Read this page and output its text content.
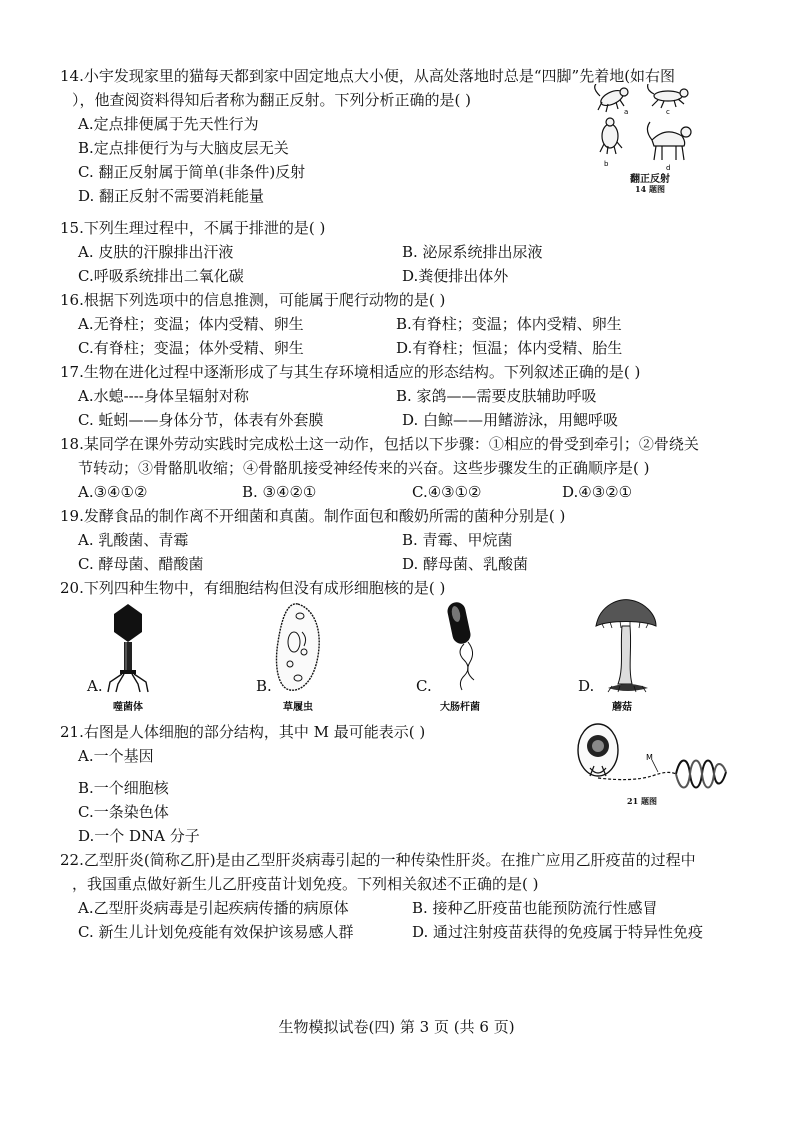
14.小宇发现家里的猫每天都到家中固定地点大小便，从高处落地时总是“四脚”先着地(如右图
），他查阅资料得知后者称为翻正反射。下列分析正确的是( )
A.定点排便属于先天性行为
B.定点排便行为与大脑皮层无关
C. 翻正反射属于简单(非条件)反射
D. 翻正反射不需要消耗能量
a	c
b	d
翻正反射
14 题图
15.下列生理过程中，不属于排泄的是( )
A. 皮肤的汗腺排出汗液	B. 泌尿系统排出尿液
C.呼吸系统排出二氧化碳	D.粪便排出体外
16.根据下列选项中的信息推测，可能属于爬行动物的是( )
A.无脊柱；变温；体内受精、卵生	B.有脊柱；变温；体内受精、卵生
C.有脊柱；变温；体外受精、卵生	D.有脊柱；恒温；体内受精、胎生
17.生物在进化过程中逐渐形成了与其生存环境相适应的形态结构。下列叙述正确的是( )
A.水螅----身体呈辐射对称	B. 家鸽——需要皮肤辅助呼吸
C. 蚯蚓——身体分节，体表有外套膜	D. 白鲸——用鳍游泳，用鳃呼吸
18.某同学在课外劳动实践时完成松土这一动作，包括以下步骤：①相应的骨受到牵引；②骨绕关
节转动；③骨骼肌收缩；④骨骼肌接受神经传来的兴奋。这些步骤发生的正确顺序是( )
A.③④①②	B. ③④②①	C.④③①②	D.④③②①
19.发酵食品的制作离不开细菌和真菌。制作面包和酸奶所需的菌种分别是( )
A. 乳酸菌、青霉	B. 青霉、甲烷菌
C. 酵母菌、醋酸菌	D. 酵母菌、乳酸菌
20.下列四种生物中，有细胞结构但没有成形细胞核的是( )
A.
噬菌体
B.
草履虫
C.
大肠杆菌
D.
蘑菇
21.右图是人体细胞的部分结构，其中 M 最可能表示( )
A.一个基因
B.一个细胞核
C.一条染色体
D.一个 DNA 分子
M
21 题图
22.乙型肝炎(简称乙肝)是由乙型肝炎病毒引起的一种传染性肝炎。在推广应用乙肝疫苗的过程中
，我国重点做好新生儿乙肝疫苗计划免疫。下列相关叙述不正确的是( )
A.乙型肝炎病毒是引起疾病传播的病原体	B. 接种乙肝疫苗也能预防流行性感冒
C. 新生儿计划免疫能有效保护该易感人群	D. 通过注射疫苗获得的免疫属于特异性免疫
生物模拟试卷(四) 第 3 页 (共 6 页)
